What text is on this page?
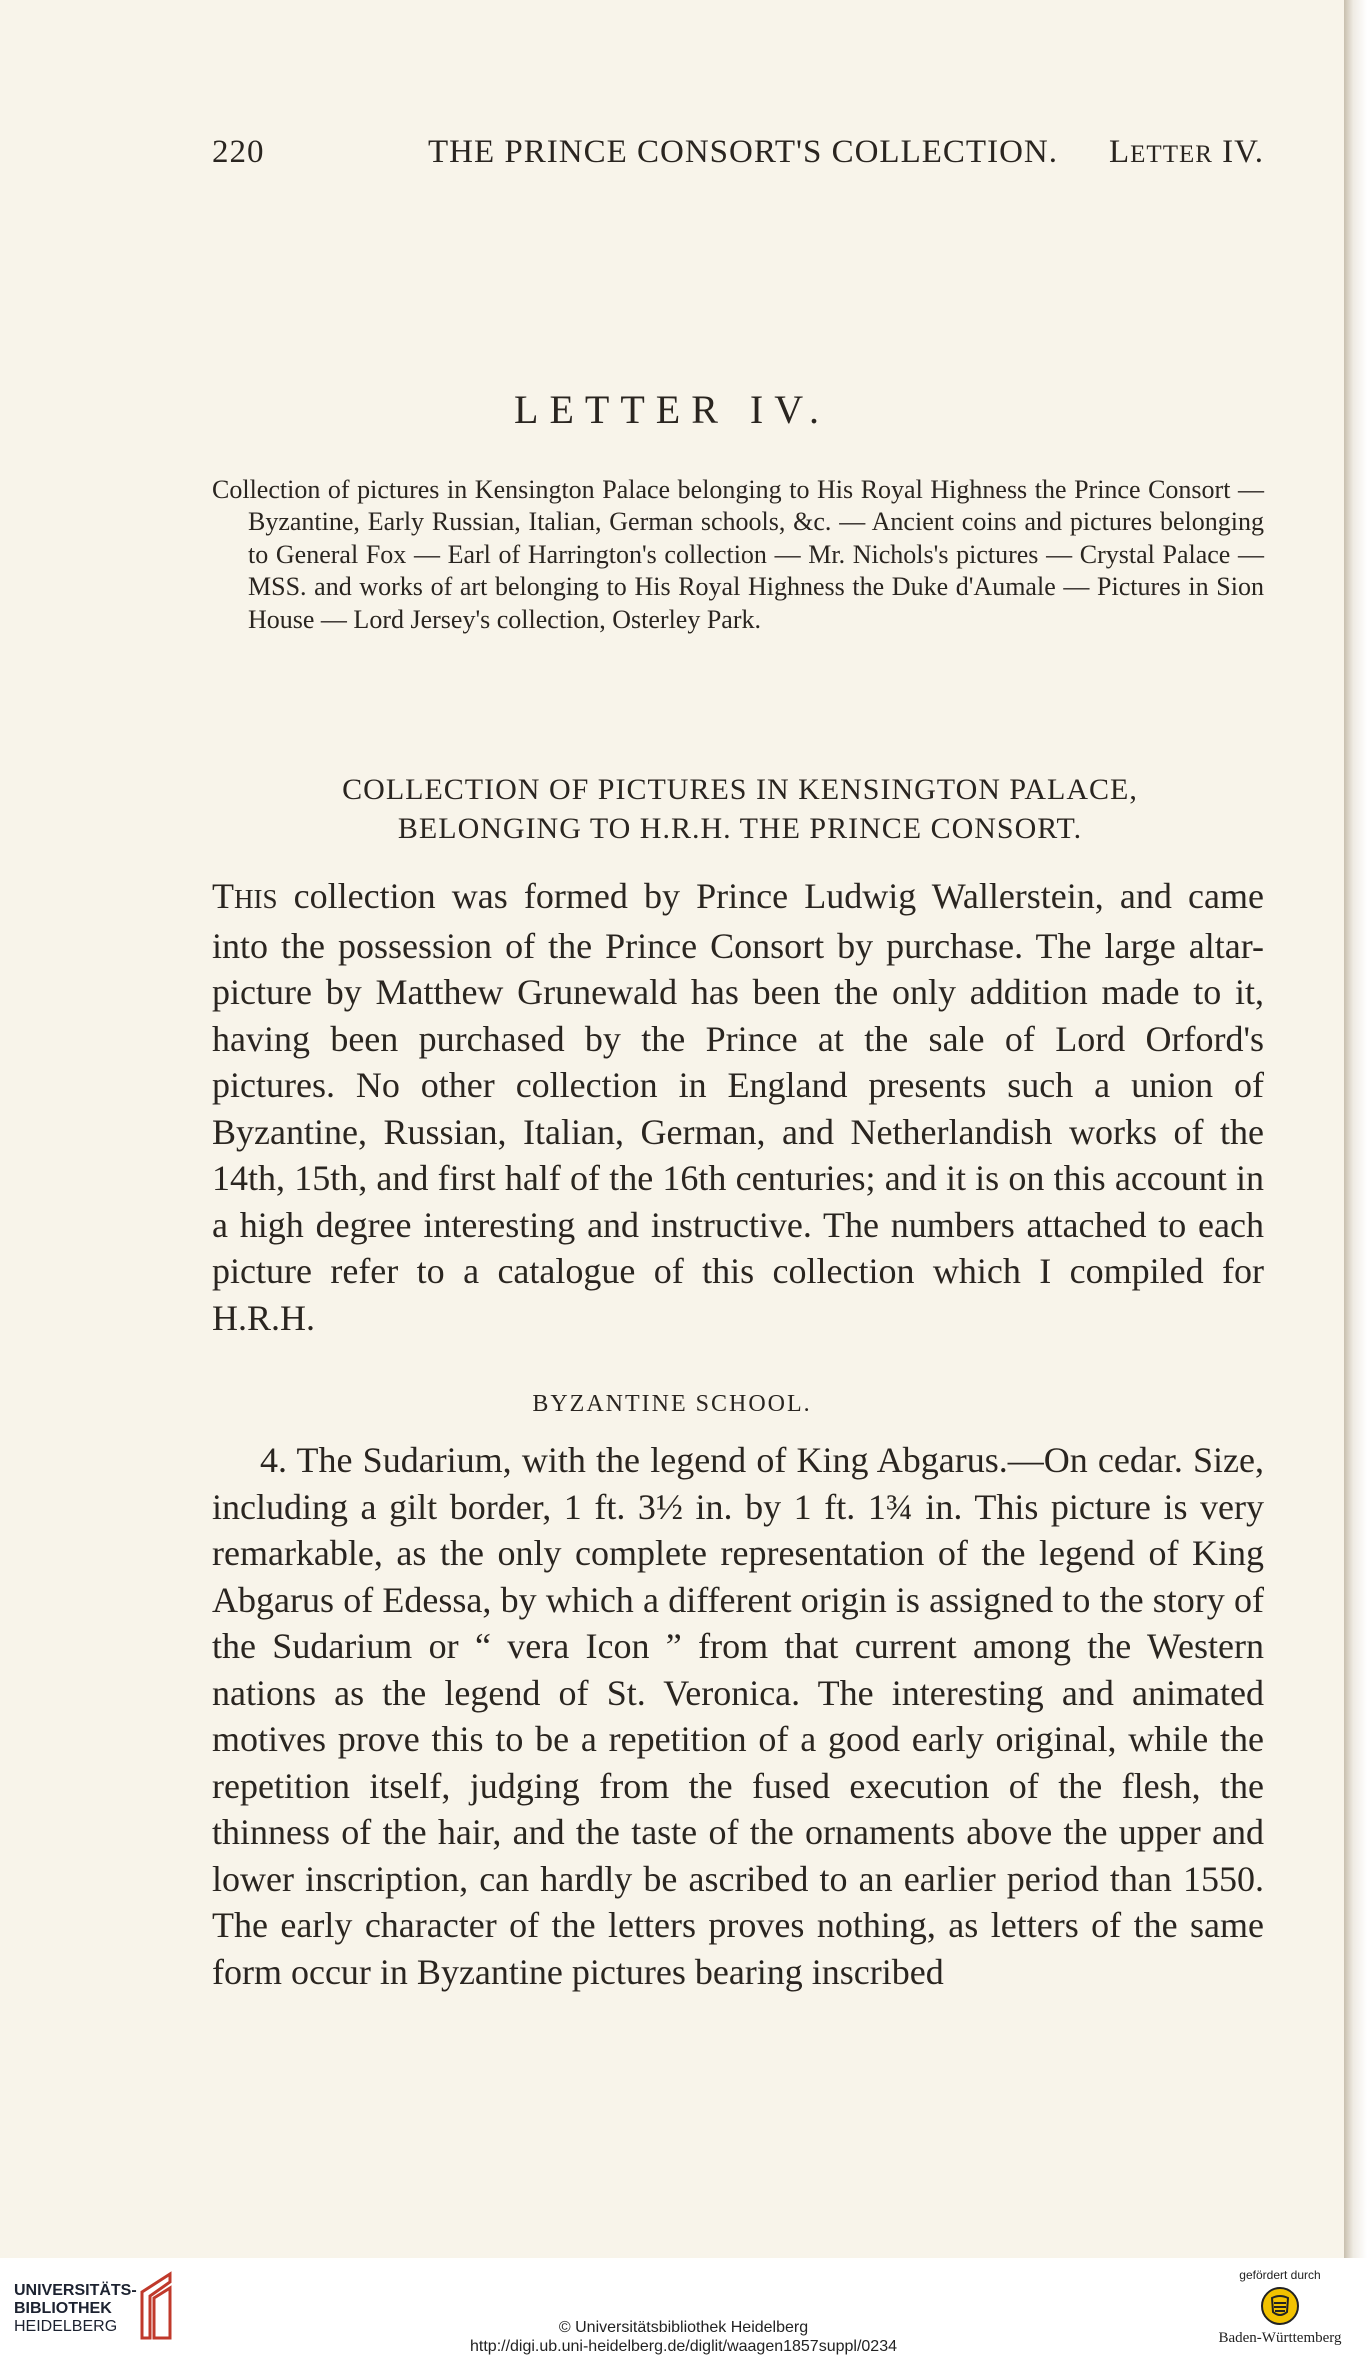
220	THE PRINCE CONSORT'S COLLECTION. LETTER IV.
LETTER IV.

Collection of pictures in Kensington Palace belonging to His Royal Highness the Prince Consort — Byzantine, Early Russian, Italian, German schools, &c. — Ancient coins and pictures belonging to General Fox — Earl of Harrington's collection — Mr. Nichols's pictures — Crystal Palace — MSS. and works of art belonging to His Royal Highness the Duke d'Aumale — Pictures in Sion House — Lord Jersey's collection, Osterley Park.

COLLECTION OF PICTURES IN KENSINGTON PALACE,
BELONGING TO H.R.H. THE PRINCE CONSORT.

THIS collection was formed by Prince Ludwig Wallerstein, and came into the possession of the Prince Consort by purchase. The large altar-picture by Matthew Grunewald has been the only addition made to it, having been purchased by the Prince at the sale of Lord Orford's pictures. No other collection in England presents such a union of Byzantine, Russian, Italian, German, and Netherlandish works of the 14th, 15th, and first half of the 16th centuries; and it is on this account in a high degree interesting and instructive. The numbers attached to each picture refer to a catalogue of this collection which I compiled for H.R.H.

BYZANTINE SCHOOL.

4. The Sudarium, with the legend of King Abgarus.—On cedar. Size, including a gilt border, 1 ft. 3½ in. by 1 ft. 1¾ in. This picture is very remarkable, as the only complete representation of the legend of King Abgarus of Edessa, by which a different origin is assigned to the story of the Sudarium or “ vera Icon ” from that current among the Western nations as the legend of St. Veronica. The interesting and animated motives prove this to be a repetition of a good early original, while the repetition itself, judging from the fused execution of the flesh, the thinness of the hair, and the taste of the ornaments above the upper and lower inscription, can hardly be ascribed to an earlier period than 1550. The early character of the letters proves nothing, as letters of the same form occur in Byzantine pictures bearing inscribed

UNIVERSITÄTS-
BIBLIOTHEK
HEIDELBERG	© Universitätsbibliothek Heidelberg
http://digi.ub.uni-heidelberg.de/diglit/waagen1857suppl/0234
gefördert durch
Baden-Württemberg
